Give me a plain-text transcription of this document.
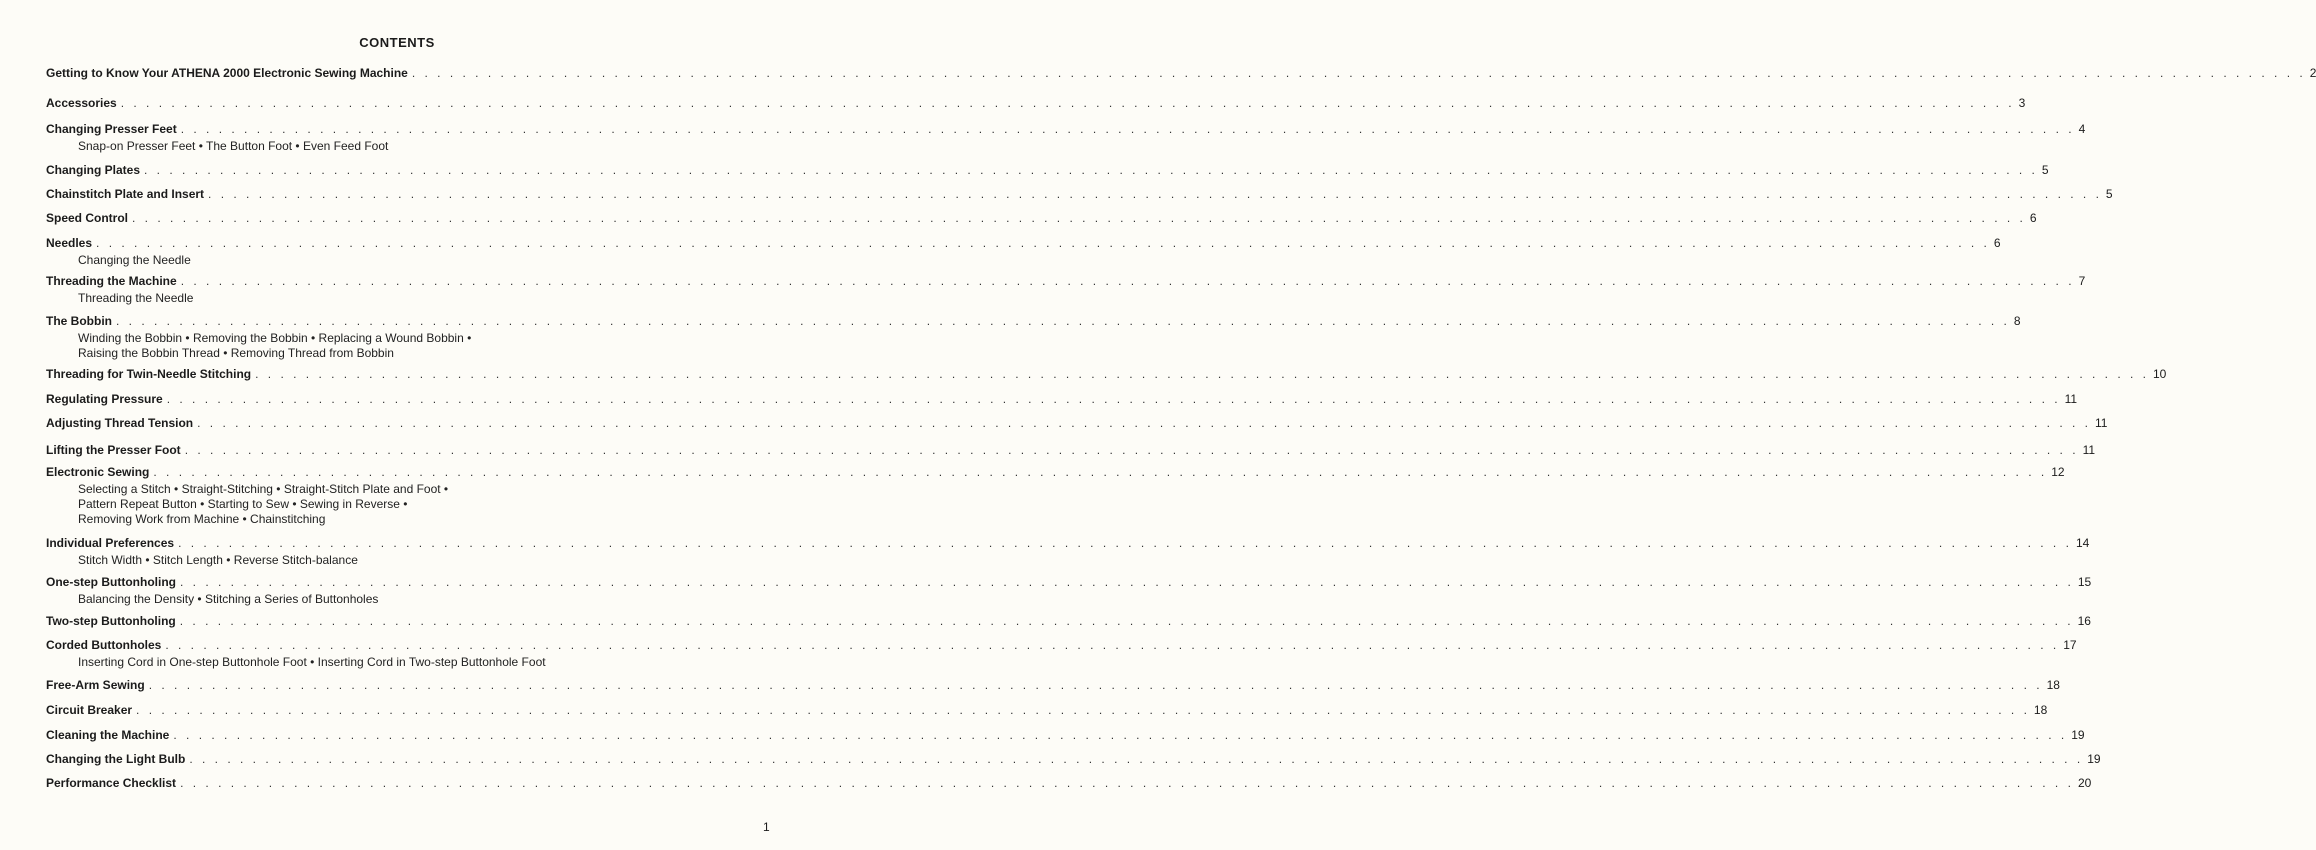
CONTENTS
Getting to Know Your ATHENA 2000 Electronic Sewing Machine . . . . . . . . . . . . . . . . . . . . . . . . . . . . . . . . . . . . . . . . . . . . . . . . . . . . . . . . . . . . . . . . . . . . . . . . . . . . . . . . . . . . . . . . . . . . . . . . . . . . . . . . . . . . . . . . . . . . . . . . . . . . . . . . . . . . . . . . . . . . . . . . . . . . . . 2
Accessories . . . . . . . . . . . . . . . . . . . . . . . . . . . . . . . . . . . . . . . . . . . . . . . . . . . . . . . . . . . . . . . . . . . . . . . . . . . . . . . . . . . . . . . . . . . . . . . . . . . . . . . . . . . . . . . . . . . . . . . . . . . . . . . . . . . . . . . . . . . . . . . . . . . . . . 3
Changing Presser Feet . . . . . . . . . . . . . . . . . . . . . . . . . . . . . . . . . . . . . . . . . . . . . . . . . . . . . . . . . . . . . . . . . . . . . . . . . . . . . . . . . . . . . . . . . . . . . . . . . . . . . . . . . . . . . . . . . . . . . . . . . . . . . . . . . . . . . . . . . . . . . . . . . . . . . . 4
Snap-on Presser Feet • The Button Foot • Even Feed Foot
Changing Plates . . . . . . . . . . . . . . . . . . . . . . . . . . . . . . . . . . . . . . . . . . . . . . . . . . . . . . . . . . . . . . . . . . . . . . . . . . . . . . . . . . . . . . . . . . . . . . . . . . . . . . . . . . . . . . . . . . . . . . . . . . . . . . . . . . . . . . . . . . . . . . . . . . . . . . 5
Chainstitch Plate and Insert . . . . . . . . . . . . . . . . . . . . . . . . . . . . . . . . . . . . . . . . . . . . . . . . . . . . . . . . . . . . . . . . . . . . . . . . . . . . . . . . . . . . . . . . . . . . . . . . . . . . . . . . . . . . . . . . . . . . . . . . . . . . . . . . . . . . . . . . . . . . . . . . . . . . . . 5
Speed Control . . . . . . . . . . . . . . . . . . . . . . . . . . . . . . . . . . . . . . . . . . . . . . . . . . . . . . . . . . . . . . . . . . . . . . . . . . . . . . . . . . . . . . . . . . . . . . . . . . . . . . . . . . . . . . . . . . . . . . . . . . . . . . . . . . . . . . . . . . . . . . . . . . . . . . 6
Needles . . . . . . . . . . . . . . . . . . . . . . . . . . . . . . . . . . . . . . . . . . . . . . . . . . . . . . . . . . . . . . . . . . . . . . . . . . . . . . . . . . . . . . . . . . . . . . . . . . . . . . . . . . . . . . . . . . . . . . . . . . . . . . . . . . . . . . . . . . . . . . . . . . . . . . 6
Changing the Needle
Threading the Machine . . . . . . . . . . . . . . . . . . . . . . . . . . . . . . . . . . . . . . . . . . . . . . . . . . . . . . . . . . . . . . . . . . . . . . . . . . . . . . . . . . . . . . . . . . . . . . . . . . . . . . . . . . . . . . . . . . . . . . . . . . . . . . . . . . . . . . . . . . . . . . . . . . . . . . 7
Threading the Needle
The Bobbin . . . . . . . . . . . . . . . . . . . . . . . . . . . . . . . . . . . . . . . . . . . . . . . . . . . . . . . . . . . . . . . . . . . . . . . . . . . . . . . . . . . . . . . . . . . . . . . . . . . . . . . . . . . . . . . . . . . . . . . . . . . . . . . . . . . . . . . . . . . . . . . . . . . . . . 8
Winding the Bobbin • Removing the Bobbin • Replacing a Wound Bobbin •
Raising the Bobbin Thread • Removing Thread from Bobbin
Threading for Twin-Needle Stitching . . . . . . . . . . . . . . . . . . . . . . . . . . . . . . . . . . . . . . . . . . . . . . . . . . . . . . . . . . . . . . . . . . . . . . . . . . . . . . . . . . . . . . . . . . . . . . . . . . . . . . . . . . . . . . . . . . . . . . . . . . . . . . . . . . . . . . . . . . . . . . . . . . . . . . 10
Regulating Pressure . . . . . . . . . . . . . . . . . . . . . . . . . . . . . . . . . . . . . . . . . . . . . . . . . . . . . . . . . . . . . . . . . . . . . . . . . . . . . . . . . . . . . . . . . . . . . . . . . . . . . . . . . . . . . . . . . . . . . . . . . . . . . . . . . . . . . . . . . . . . . . . . . . . . . . 11
Adjusting Thread Tension . . . . . . . . . . . . . . . . . . . . . . . . . . . . . . . . . . . . . . . . . . . . . . . . . . . . . . . . . . . . . . . . . . . . . . . . . . . . . . . . . . . . . . . . . . . . . . . . . . . . . . . . . . . . . . . . . . . . . . . . . . . . . . . . . . . . . . . . . . . . . . . . . . . . . . 11
Lifting the Presser Foot . . . . . . . . . . . . . . . . . . . . . . . . . . . . . . . . . . . . . . . . . . . . . . . . . . . . . . . . . . . . . . . . . . . . . . . . . . . . . . . . . . . . . . . . . . . . . . . . . . . . . . . . . . . . . . . . . . . . . . . . . . . . . . . . . . . . . . . . . . . . . . . . . . . . . . 11
Electronic Sewing . . . . . . . . . . . . . . . . . . . . . . . . . . . . . . . . . . . . . . . . . . . . . . . . . . . . . . . . . . . . . . . . . . . . . . . . . . . . . . . . . . . . . . . . . . . . . . . . . . . . . . . . . . . . . . . . . . . . . . . . . . . . . . . . . . . . . . . . . . . . . . . . . . . . . . 12
Selecting a Stitch • Straight-Stitching • Straight-Stitch Plate and Foot •
Pattern Repeat Button • Starting to Sew • Sewing in Reverse •
Removing Work from Machine • Chainstitching
Individual Preferences . . . . . . . . . . . . . . . . . . . . . . . . . . . . . . . . . . . . . . . . . . . . . . . . . . . . . . . . . . . . . . . . . . . . . . . . . . . . . . . . . . . . . . . . . . . . . . . . . . . . . . . . . . . . . . . . . . . . . . . . . . . . . . . . . . . . . . . . . . . . . . . . . . . . . . 14
Stitch Width • Stitch Length • Reverse Stitch-balance
One-step Buttonholing . . . . . . . . . . . . . . . . . . . . . . . . . . . . . . . . . . . . . . . . . . . . . . . . . . . . . . . . . . . . . . . . . . . . . . . . . . . . . . . . . . . . . . . . . . . . . . . . . . . . . . . . . . . . . . . . . . . . . . . . . . . . . . . . . . . . . . . . . . . . . . . . . . . . . . 15
Balancing the Density • Stitching a Series of Buttonholes
Two-step Buttonholing . . . . . . . . . . . . . . . . . . . . . . . . . . . . . . . . . . . . . . . . . . . . . . . . . . . . . . . . . . . . . . . . . . . . . . . . . . . . . . . . . . . . . . . . . . . . . . . . . . . . . . . . . . . . . . . . . . . . . . . . . . . . . . . . . . . . . . . . . . . . . . . . . . . . . . 16
Corded Buttonholes . . . . . . . . . . . . . . . . . . . . . . . . . . . . . . . . . . . . . . . . . . . . . . . . . . . . . . . . . . . . . . . . . . . . . . . . . . . . . . . . . . . . . . . . . . . . . . . . . . . . . . . . . . . . . . . . . . . . . . . . . . . . . . . . . . . . . . . . . . . . . . . . . . . . . . 17
Inserting Cord in One-step Buttonhole Foot • Inserting Cord in Two-step Buttonhole Foot
Free-Arm Sewing . . . . . . . . . . . . . . . . . . . . . . . . . . . . . . . . . . . . . . . . . . . . . . . . . . . . . . . . . . . . . . . . . . . . . . . . . . . . . . . . . . . . . . . . . . . . . . . . . . . . . . . . . . . . . . . . . . . . . . . . . . . . . . . . . . . . . . . . . . . . . . . . . . . . . . 18
Circuit Breaker . . . . . . . . . . . . . . . . . . . . . . . . . . . . . . . . . . . . . . . . . . . . . . . . . . . . . . . . . . . . . . . . . . . . . . . . . . . . . . . . . . . . . . . . . . . . . . . . . . . . . . . . . . . . . . . . . . . . . . . . . . . . . . . . . . . . . . . . . . . . . . . . . . . . . . 18
Cleaning the Machine . . . . . . . . . . . . . . . . . . . . . . . . . . . . . . . . . . . . . . . . . . . . . . . . . . . . . . . . . . . . . . . . . . . . . . . . . . . . . . . . . . . . . . . . . . . . . . . . . . . . . . . . . . . . . . . . . . . . . . . . . . . . . . . . . . . . . . . . . . . . . . . . . . . . . . 19
Changing the Light Bulb . . . . . . . . . . . . . . . . . . . . . . . . . . . . . . . . . . . . . . . . . . . . . . . . . . . . . . . . . . . . . . . . . . . . . . . . . . . . . . . . . . . . . . . . . . . . . . . . . . . . . . . . . . . . . . . . . . . . . . . . . . . . . . . . . . . . . . . . . . . . . . . . . . . . . . 19
Performance Checklist . . . . . . . . . . . . . . . . . . . . . . . . . . . . . . . . . . . . . . . . . . . . . . . . . . . . . . . . . . . . . . . . . . . . . . . . . . . . . . . . . . . . . . . . . . . . . . . . . . . . . . . . . . . . . . . . . . . . . . . . . . . . . . . . . . . . . . . . . . . . . . . . . . . . . . 20
1
